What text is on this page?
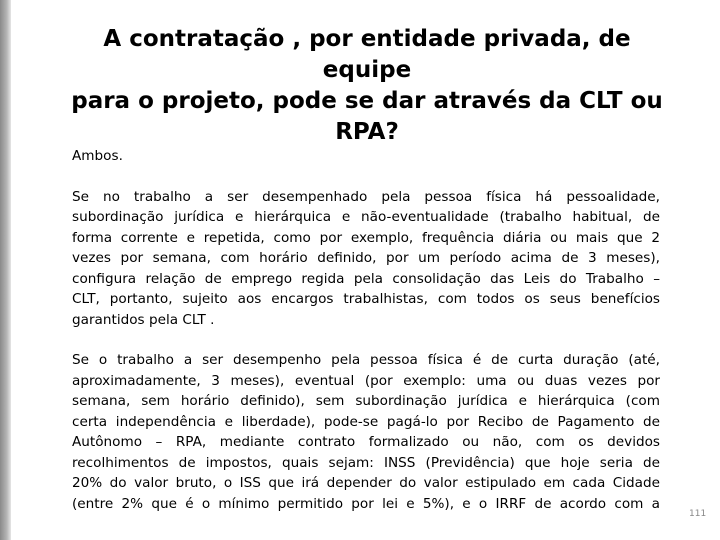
A contratação , por entidade privada, de equipe
para o projeto, pode se dar através da CLT ou
RPA?

Ambos.

Se no trabalho a ser desempenhado pela pessoa física há pessoalidade,
subordinação jurídica e hierárquica e não-eventualidade (trabalho habitual, de
forma corrente e repetida, como por exemplo, frequência diária ou mais que 2
vezes por semana, com horário definido, por um período acima de 3 meses),
configura relação de emprego regida pela consolidação das Leis do Trabalho –
CLT, portanto, sujeito aos encargos trabalhistas, com todos os seus benefícios
garantidos pela CLT .

Se o trabalho a ser desempenho pela pessoa física é de curta duração (até,
aproximadamente, 3 meses), eventual (por exemplo: uma ou duas vezes por
semana, sem horário definido), sem subordinação jurídica e hierárquica (com
certa independência e liberdade), pode-se pagá-lo por Recibo de Pagamento de
Autônomo – RPA, mediante contrato formalizado ou não, com os devidos
recolhimentos de impostos, quais sejam: INSS (Previdência) que hoje seria de
20% do valor bruto, o ISS que irá depender do valor estipulado em cada Cidade
(entre 2% que é o mínimo permitido por lei e 5%), e o IRRF de acordo com a

111
